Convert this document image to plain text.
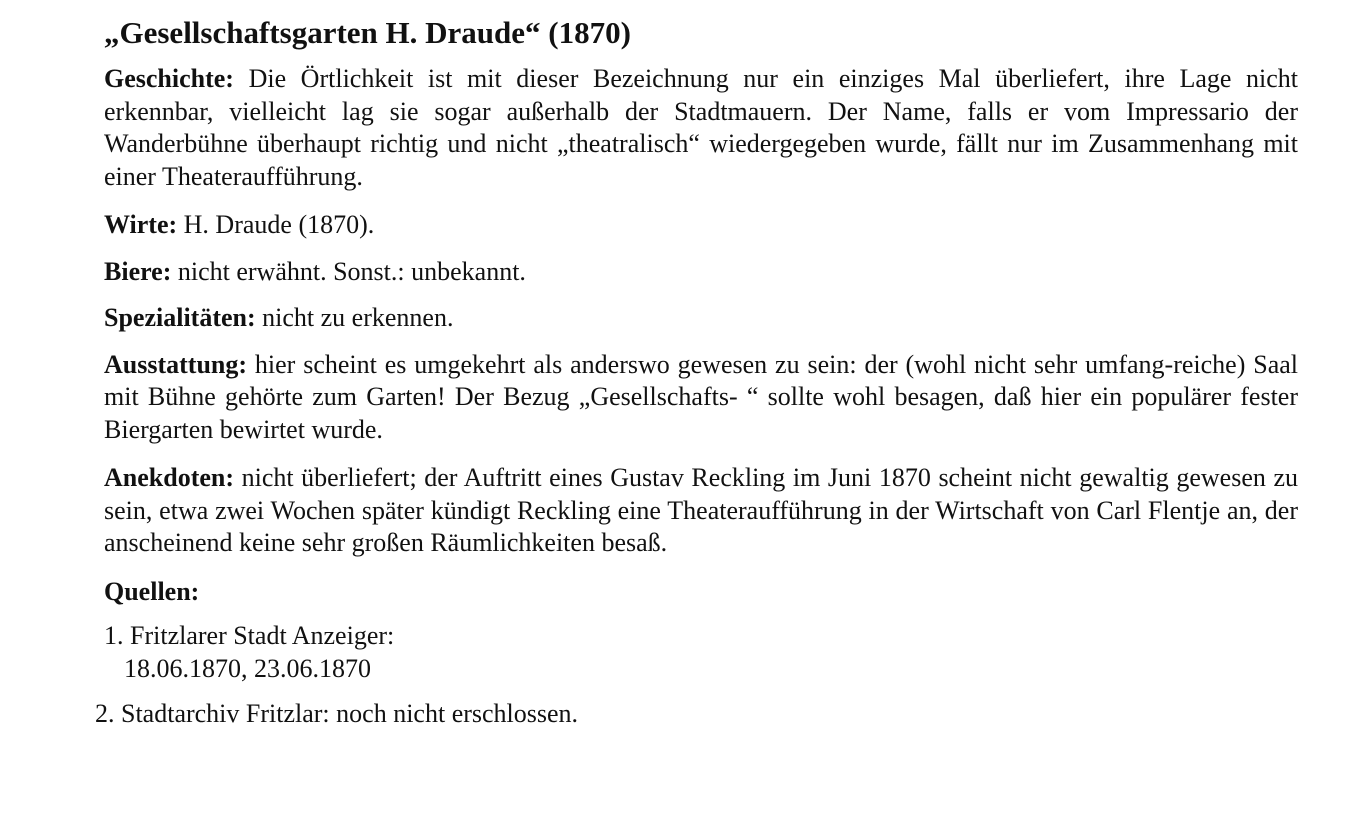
„Gesellschaftsgarten H. Draude“ (1870)

Geschichte: Die Örtlichkeit ist mit dieser Bezeichnung nur ein einziges Mal überliefert, ihre Lage nicht erkennbar, vielleicht lag sie sogar außerhalb der Stadtmauern. Der Name, falls er vom Impressario der Wanderbühne überhaupt richtig und nicht „theatralisch“ wiedergegeben wurde, fällt nur im Zusammenhang mit einer Theateraufführung.

Wirte: H. Draude (1870).

Biere: nicht erwähnt. Sonst.: unbekannt.

Spezialitäten: nicht zu erkennen.

Ausstattung: hier scheint es umgekehrt als anderswo gewesen zu sein: der (wohl nicht sehr umfang-reiche) Saal mit Bühne gehörte zum Garten! Der Bezug „Gesellschafts- “ sollte wohl besagen, daß hier ein populärer fester Biergarten bewirtet wurde.

Anekdoten: nicht überliefert; der Auftritt eines Gustav Reckling im Juni 1870 scheint nicht gewaltig gewesen zu sein, etwa zwei Wochen später kündigt Reckling eine Theateraufführung in der Wirtschaft von Carl Flentje an, der anscheinend keine sehr großen Räumlichkeiten besaß.

Quellen:
1. Fritzlarer Stadt Anzeiger:
18.06.1870, 23.06.1870
2. Stadtarchiv Fritzlar: noch nicht erschlossen.
